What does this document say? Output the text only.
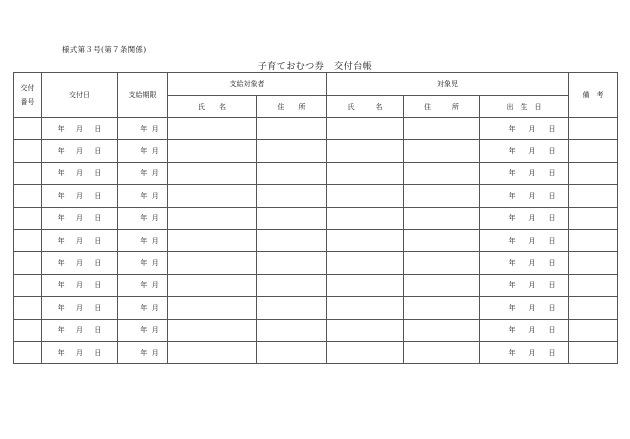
様式第３号(第７条関係)
子育ておむつ券 交付台帳
交付
番号	交付日	支給期限	支給対象者		対象児			備　考
			氏　　名	住　　所	氏　　　名	住　　　所	出　生　日	

	年 月 日	年 月					年 月 日	

	年 月 日	年 月					年 月 日	

	年 月 日	年 月					年 月 日	

	年 月 日	年 月					年 月 日	

	年 月 日	年 月					年 月 日	

	年 月 日	年 月					年 月 日	

	年 月 日	年 月					年 月 日	

	年 月 日	年 月					年 月 日	

	年 月 日	年 月					年 月 日	

	年 月 日	年 月					年 月 日	

	年 月 日	年 月					年 月 日	
